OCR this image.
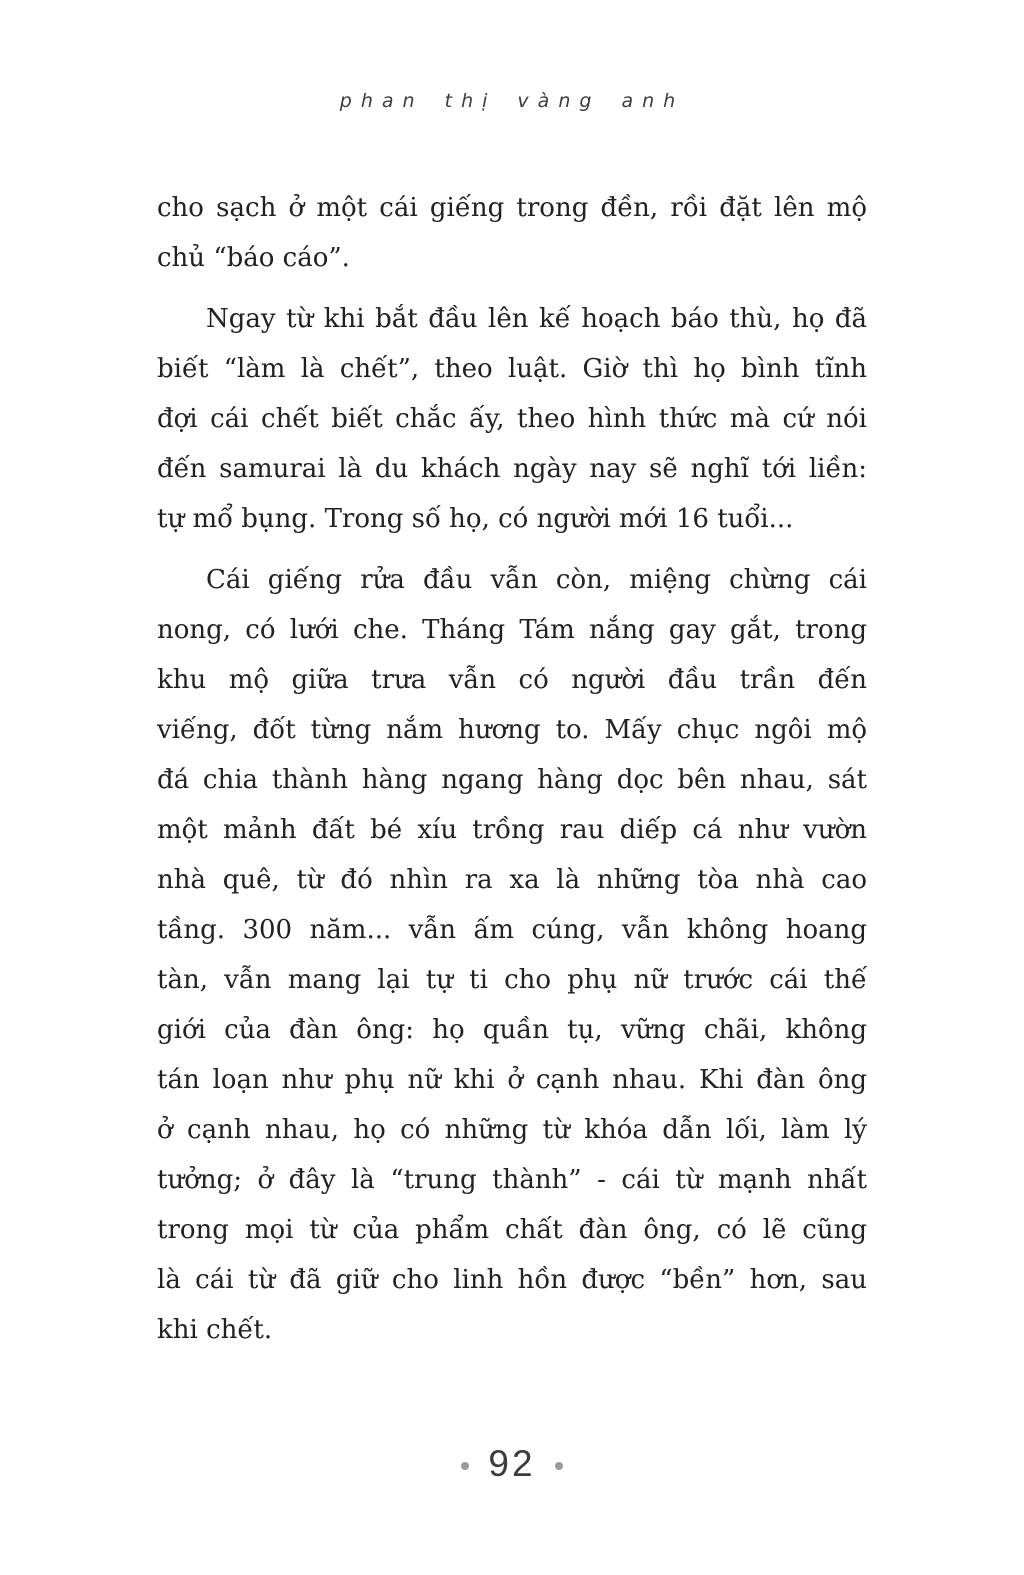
phan thị vàng anh
cho sạch ở một cái giếng trong đền, rồi đặt lên mộ
chủ “báo cáo”.
Ngay từ khi bắt đầu lên kế hoạch báo thù, họ đã
biết “làm là chết”, theo luật. Giờ thì họ bình tĩnh
đợi cái chết biết chắc ấy, theo hình thức mà cứ nói
đến samurai là du khách ngày nay sẽ nghĩ tới liền:
tự mổ bụng. Trong số họ, có người mới 16 tuổi...
Cái giếng rửa đầu vẫn còn, miệng chừng cái
nong, có lưới che. Tháng Tám nắng gay gắt, trong
khu mộ giữa trưa vẫn có người đầu trần đến
viếng, đốt từng nắm hương to. Mấy chục ngôi mộ
đá chia thành hàng ngang hàng dọc bên nhau, sát
một mảnh đất bé xíu trồng rau diếp cá như vườn
nhà quê, từ đó nhìn ra xa là những tòa nhà cao
tầng. 300 năm... vẫn ấm cúng, vẫn không hoang
tàn, vẫn mang lại tự ti cho phụ nữ trước cái thế
giới của đàn ông: họ quần tụ, vững chãi, không
tán loạn như phụ nữ khi ở cạnh nhau. Khi đàn ông
ở cạnh nhau, họ có những từ khóa dẫn lối, làm lý
tưởng; ở đây là “trung thành” - cái từ mạnh nhất
trong mọi từ của phẩm chất đàn ông, có lẽ cũng
là cái từ đã giữ cho linh hồn được “bền” hơn, sau
khi chết.
92
